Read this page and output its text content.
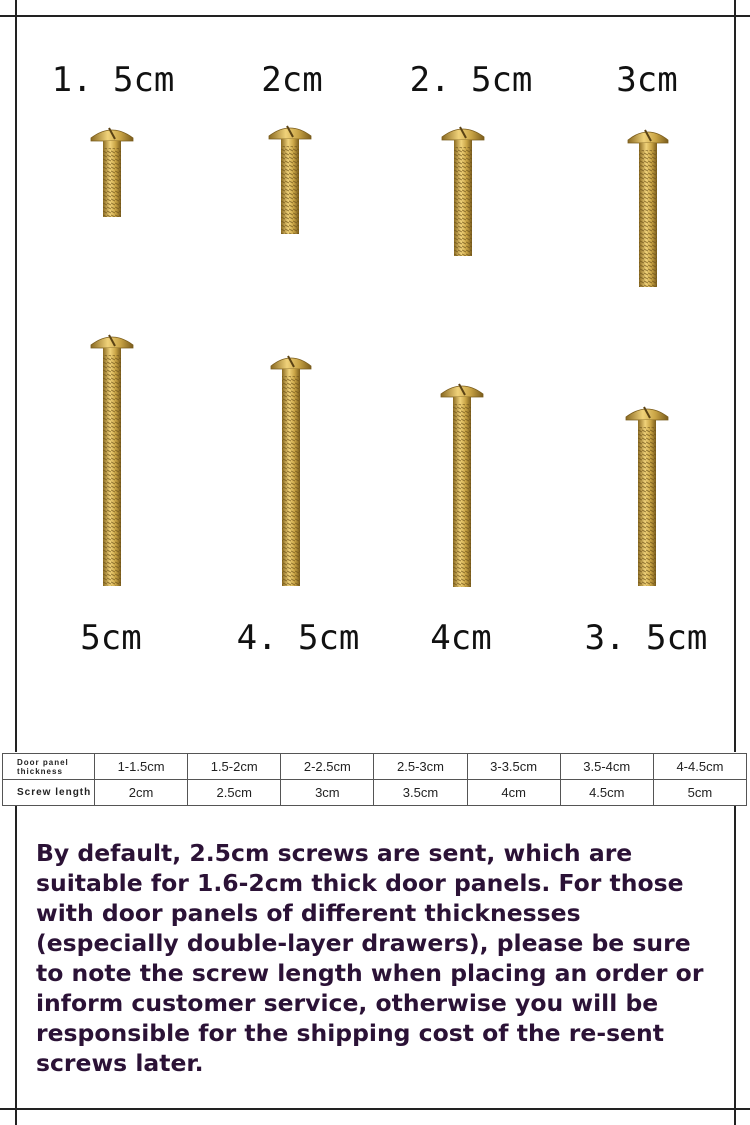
1. 5cm	2cm	2. 5cm	3cm
5cm	4. 5cm	4cm	3. 5cm
Door panel thickness	1-1.5cm	1.5-2cm	2-2.5cm	2.5-3cm	3-3.5cm	3.5-4cm	4-4.5cm
Screw length	2cm	2.5cm	3cm	3.5cm	4cm	4.5cm	5cm
By default, 2.5cm screws are sent, which are suitable for 1.6-2cm thick door panels. For those with door panels of different thicknesses (especially double-layer drawers), please be sure to note the screw length when placing an order or inform customer service, otherwise you will be responsible for the shipping cost of the re-sent screws later.
